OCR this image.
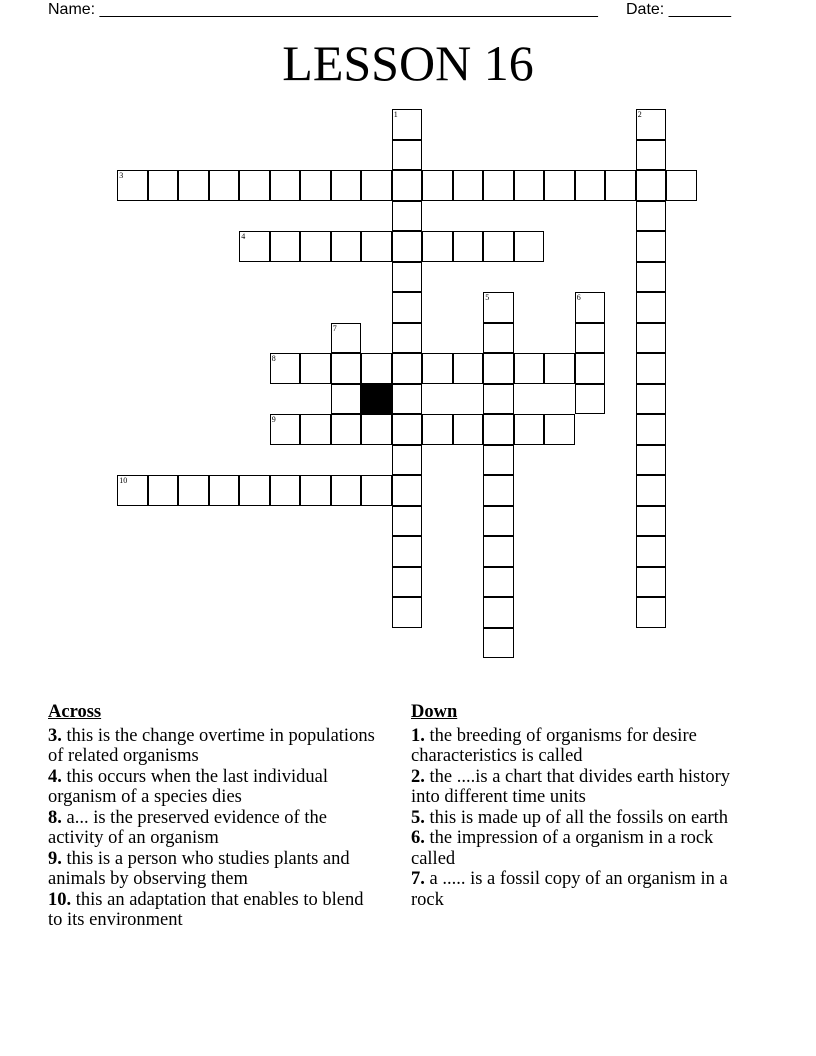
Name: ________________________________________________________ Date: _______
LESSON 16
1	2
3
4
5	6
7
8
9
10
Across

3. this is the change overtime in populations of related organisms

4. this occurs when the last individual organism of a species dies

8. a... is the preserved evidence of the activity of an organism

9. this is a person who studies plants and animals by observing them

10. this an adaptation that enables to blend to its environment

Down

1. the breeding of organisms for desire characteristics is called

2. the ....is a chart that divides earth history into different time units

5. this is made up of all the fossils on earth

6. the impression of a organism in a rock called

7. a ..... is a fossil copy of an organism in a rock
